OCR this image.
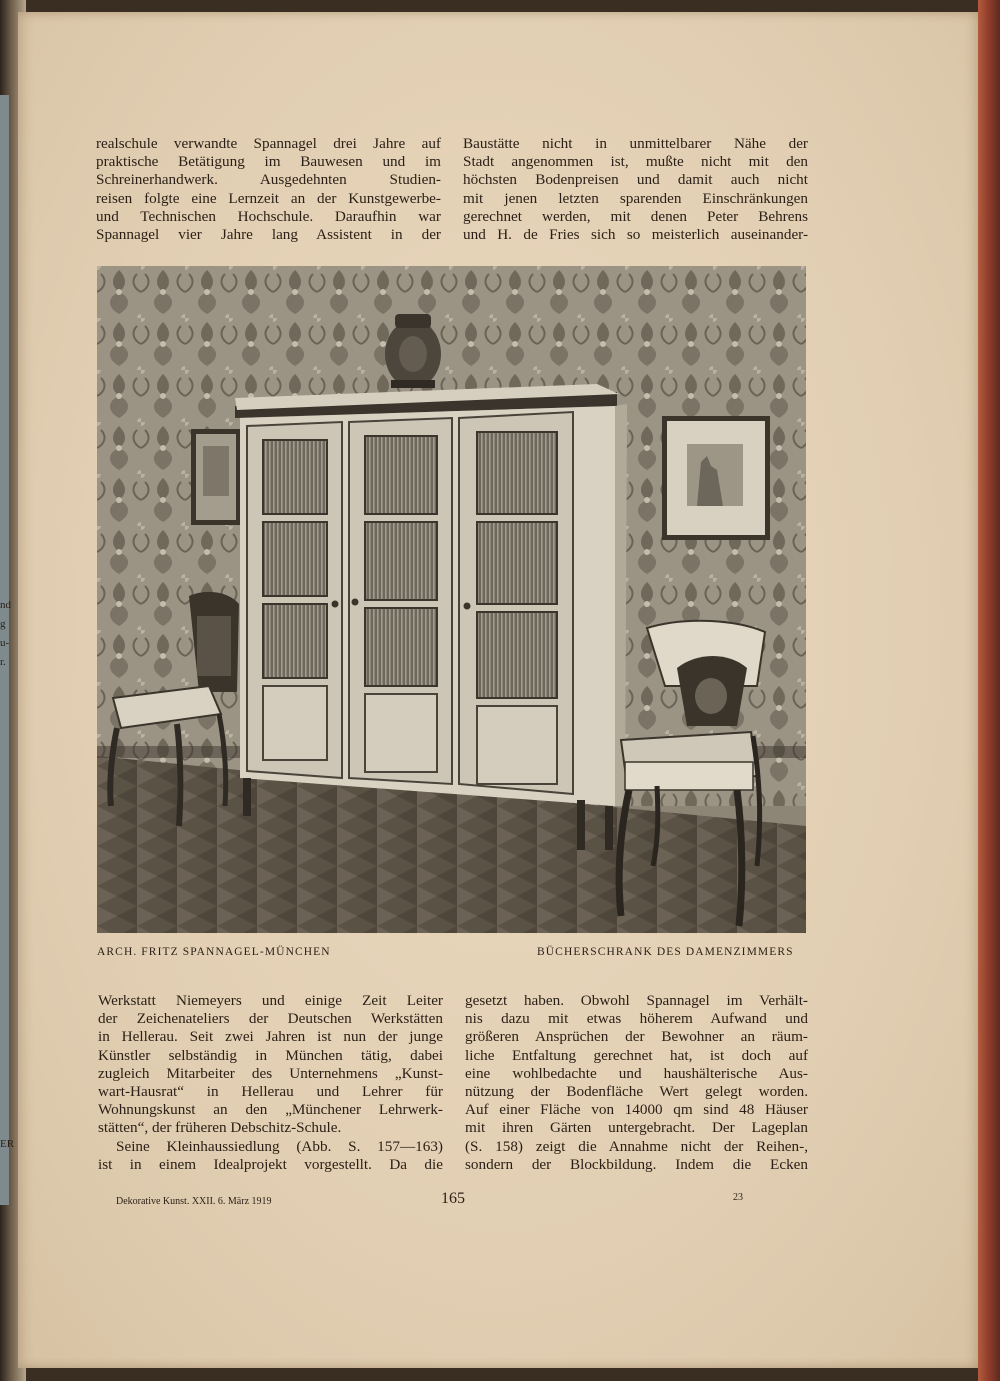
nd
g
u-
r.
ER
realschule verwandte Spannagel drei Jahre auf
praktische Betätigung im Bauwesen und im
Schreinerhandwerk. Ausgedehnten Studien-
reisen folgte eine Lernzeit an der Kunstgewerbe-
und Technischen Hochschule. Daraufhin war
Spannagel vier Jahre lang Assistent in der
Baustätte nicht in unmittelbarer Nähe der
Stadt angenommen ist, mußte nicht mit den
höchsten Bodenpreisen und damit auch nicht
mit jenen letzten sparenden Einschränkungen
gerechnet werden, mit denen Peter Behrens
und H. de Fries sich so meisterlich auseinander-
ARCH. FRITZ SPANNAGEL-MÜNCHEN	BÜCHERSCHRANK DES DAMENZIMMERS
Werkstatt Niemeyers und einige Zeit Leiter
der Zeichenateliers der Deutschen Werkstätten
in Hellerau. Seit zwei Jahren ist nun der junge
Künstler selbständig in München tätig, dabei
zugleich Mitarbeiter des Unternehmens „Kunst-
wart-Hausrat“ in Hellerau und Lehrer für
Wohnungskunst an den „Münchener Lehrwerk-
stätten“, der früheren Debschitz-Schule.
Seine Kleinhaussiedlung (Abb. S. 157—163)
ist in einem Idealprojekt vorgestellt. Da die
gesetzt haben. Obwohl Spannagel im Verhält-
nis dazu mit etwas höherem Aufwand und
größeren Ansprüchen der Bewohner an räum-
liche Entfaltung gerechnet hat, ist doch auf
eine wohlbedachte und haushälterische Aus-
nützung der Bodenfläche Wert gelegt worden.
Auf einer Fläche von 14000 qm sind 48 Häuser
mit ihren Gärten untergebracht. Der Lageplan
(S. 158) zeigt die Annahme nicht der Reihen-,
sondern der Blockbildung. Indem die Ecken
Dekorative Kunst. XXII. 6. März 1919	165	23
